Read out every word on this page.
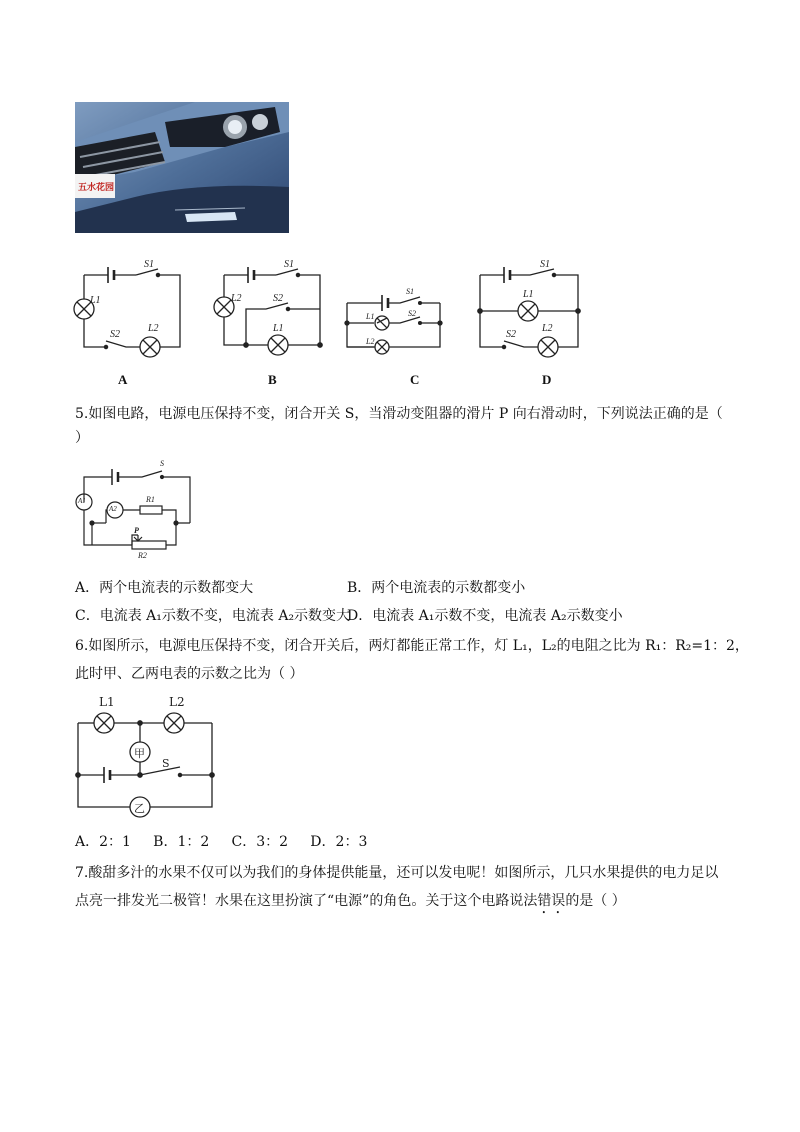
五水花园
S1
L1
S2
L2
S1
L2	S2
L1
S1
L1	S2
L2
S1
L1
S2
L2
A	B	C	D
5.如图电路，电源电压保持不变，闭合开关 S，当滑动变阻器的滑片 P 向右滑动时，下列说法正确的是（
）
S
A1
A2
R1
P
R2
A．两个电流表的示数都变大	B．两个电流表的示数都变小
C．电流表 A₁示数不变，电流表 A₂示数变大
D．电流表 A₁示数不变，电流表 A₂示数变小
6.如图所示，电源电压保持不变，闭合开关后，两灯都能正常工作，灯 L₁，L₂的电阻之比为 R₁：R₂=1：2，
此时甲、乙两电表的示数之比为（ ）
L1	L2
甲
S
乙
A．2：1     B．1：2     C．3：2     D．2：3
7.酸甜多汁的水果不仅可以为我们的身体提供能量，还可以发电呢！如图所示，几只水果提供的电力足以
点亮一排发光二极管！水果在这里扮演了“电源”的角色。关于这个电路说法错误的是（ ）
